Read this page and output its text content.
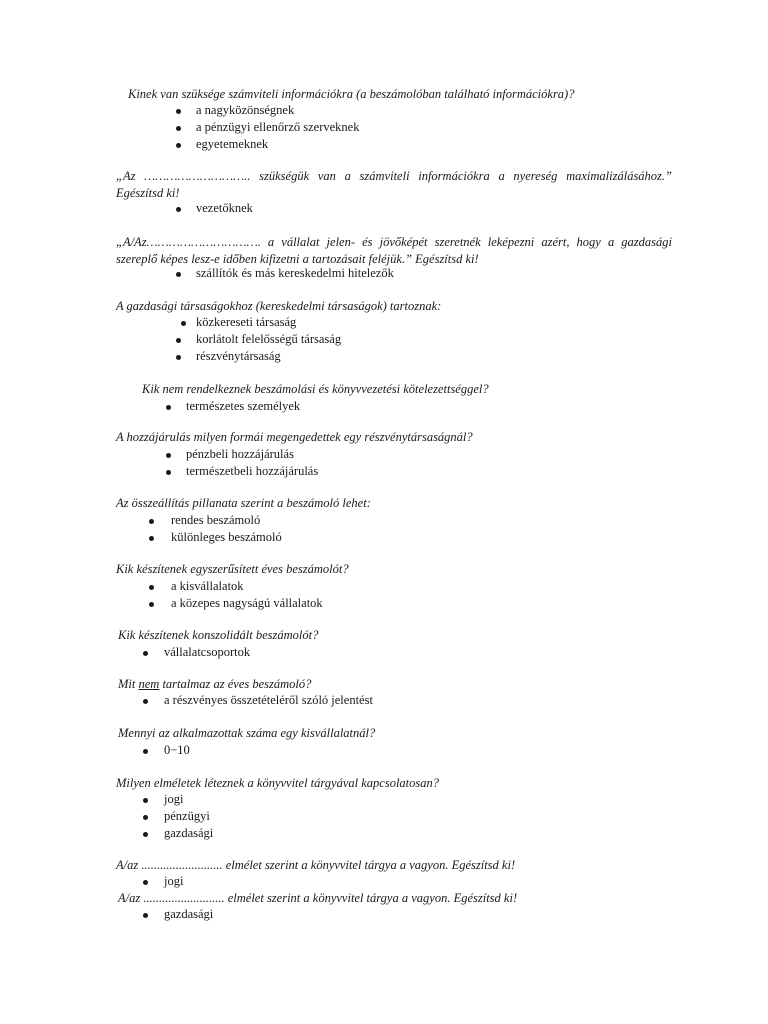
Kinek van szüksége számviteli információkra (a beszámolóban található információkra)?
a nagyközönségnek
a pénzügyi ellenőrző szerveknek
egyetemeknek
„Az ……………………….. szükségük van a számviteli információkra a nyereség maximalizálásához.” Egészítsd ki!
vezetőknek
„A/Az…………………………. a vállalat jelen- és jövőképét szeretnék leképezni azért, hogy a gazdasági szereplő képes lesz-e időben kifizetni a tartozásait feléjük.” Egészítsd ki!
szállítók és más kereskedelmi hitelezők
A gazdasági társaságokhoz (kereskedelmi társaságok) tartoznak:
közkereseti társaság
korlátolt felelősségű társaság
részvénytársaság
Kik nem rendelkeznek beszámolási és könyvvezetési kötelezettséggel?
természetes személyek
A hozzájárulás milyen formái megengedettek egy részvénytársaságnál?
pénzbeli hozzájárulás
természetbeli hozzájárulás
Az összeállítás pillanata szerint a beszámoló lehet:
rendes beszámoló
különleges beszámoló
Kik készítenek egyszerűsített éves beszámolót?
a kisvállalatok
a közepes nagyságú vállalatok
Kik készítenek konszolidált beszámolót?
vállalatcsoportok
Mit nem tartalmaz az éves beszámoló?
a részvényes összetételéről szóló jelentést
Mennyi az alkalmazottak száma egy kisvállalatnál?
0−10
Milyen elméletek léteznek a könyvvitel tárgyával kapcsolatosan?
jogi
pénzügyi
gazdasági
A/az .......................... elmélet szerint a könyvvitel tárgya a vagyon. Egészítsd ki!
jogi
A/az .......................... elmélet szerint a könyvvitel tárgya a vagyon. Egészítsd ki!
gazdasági
